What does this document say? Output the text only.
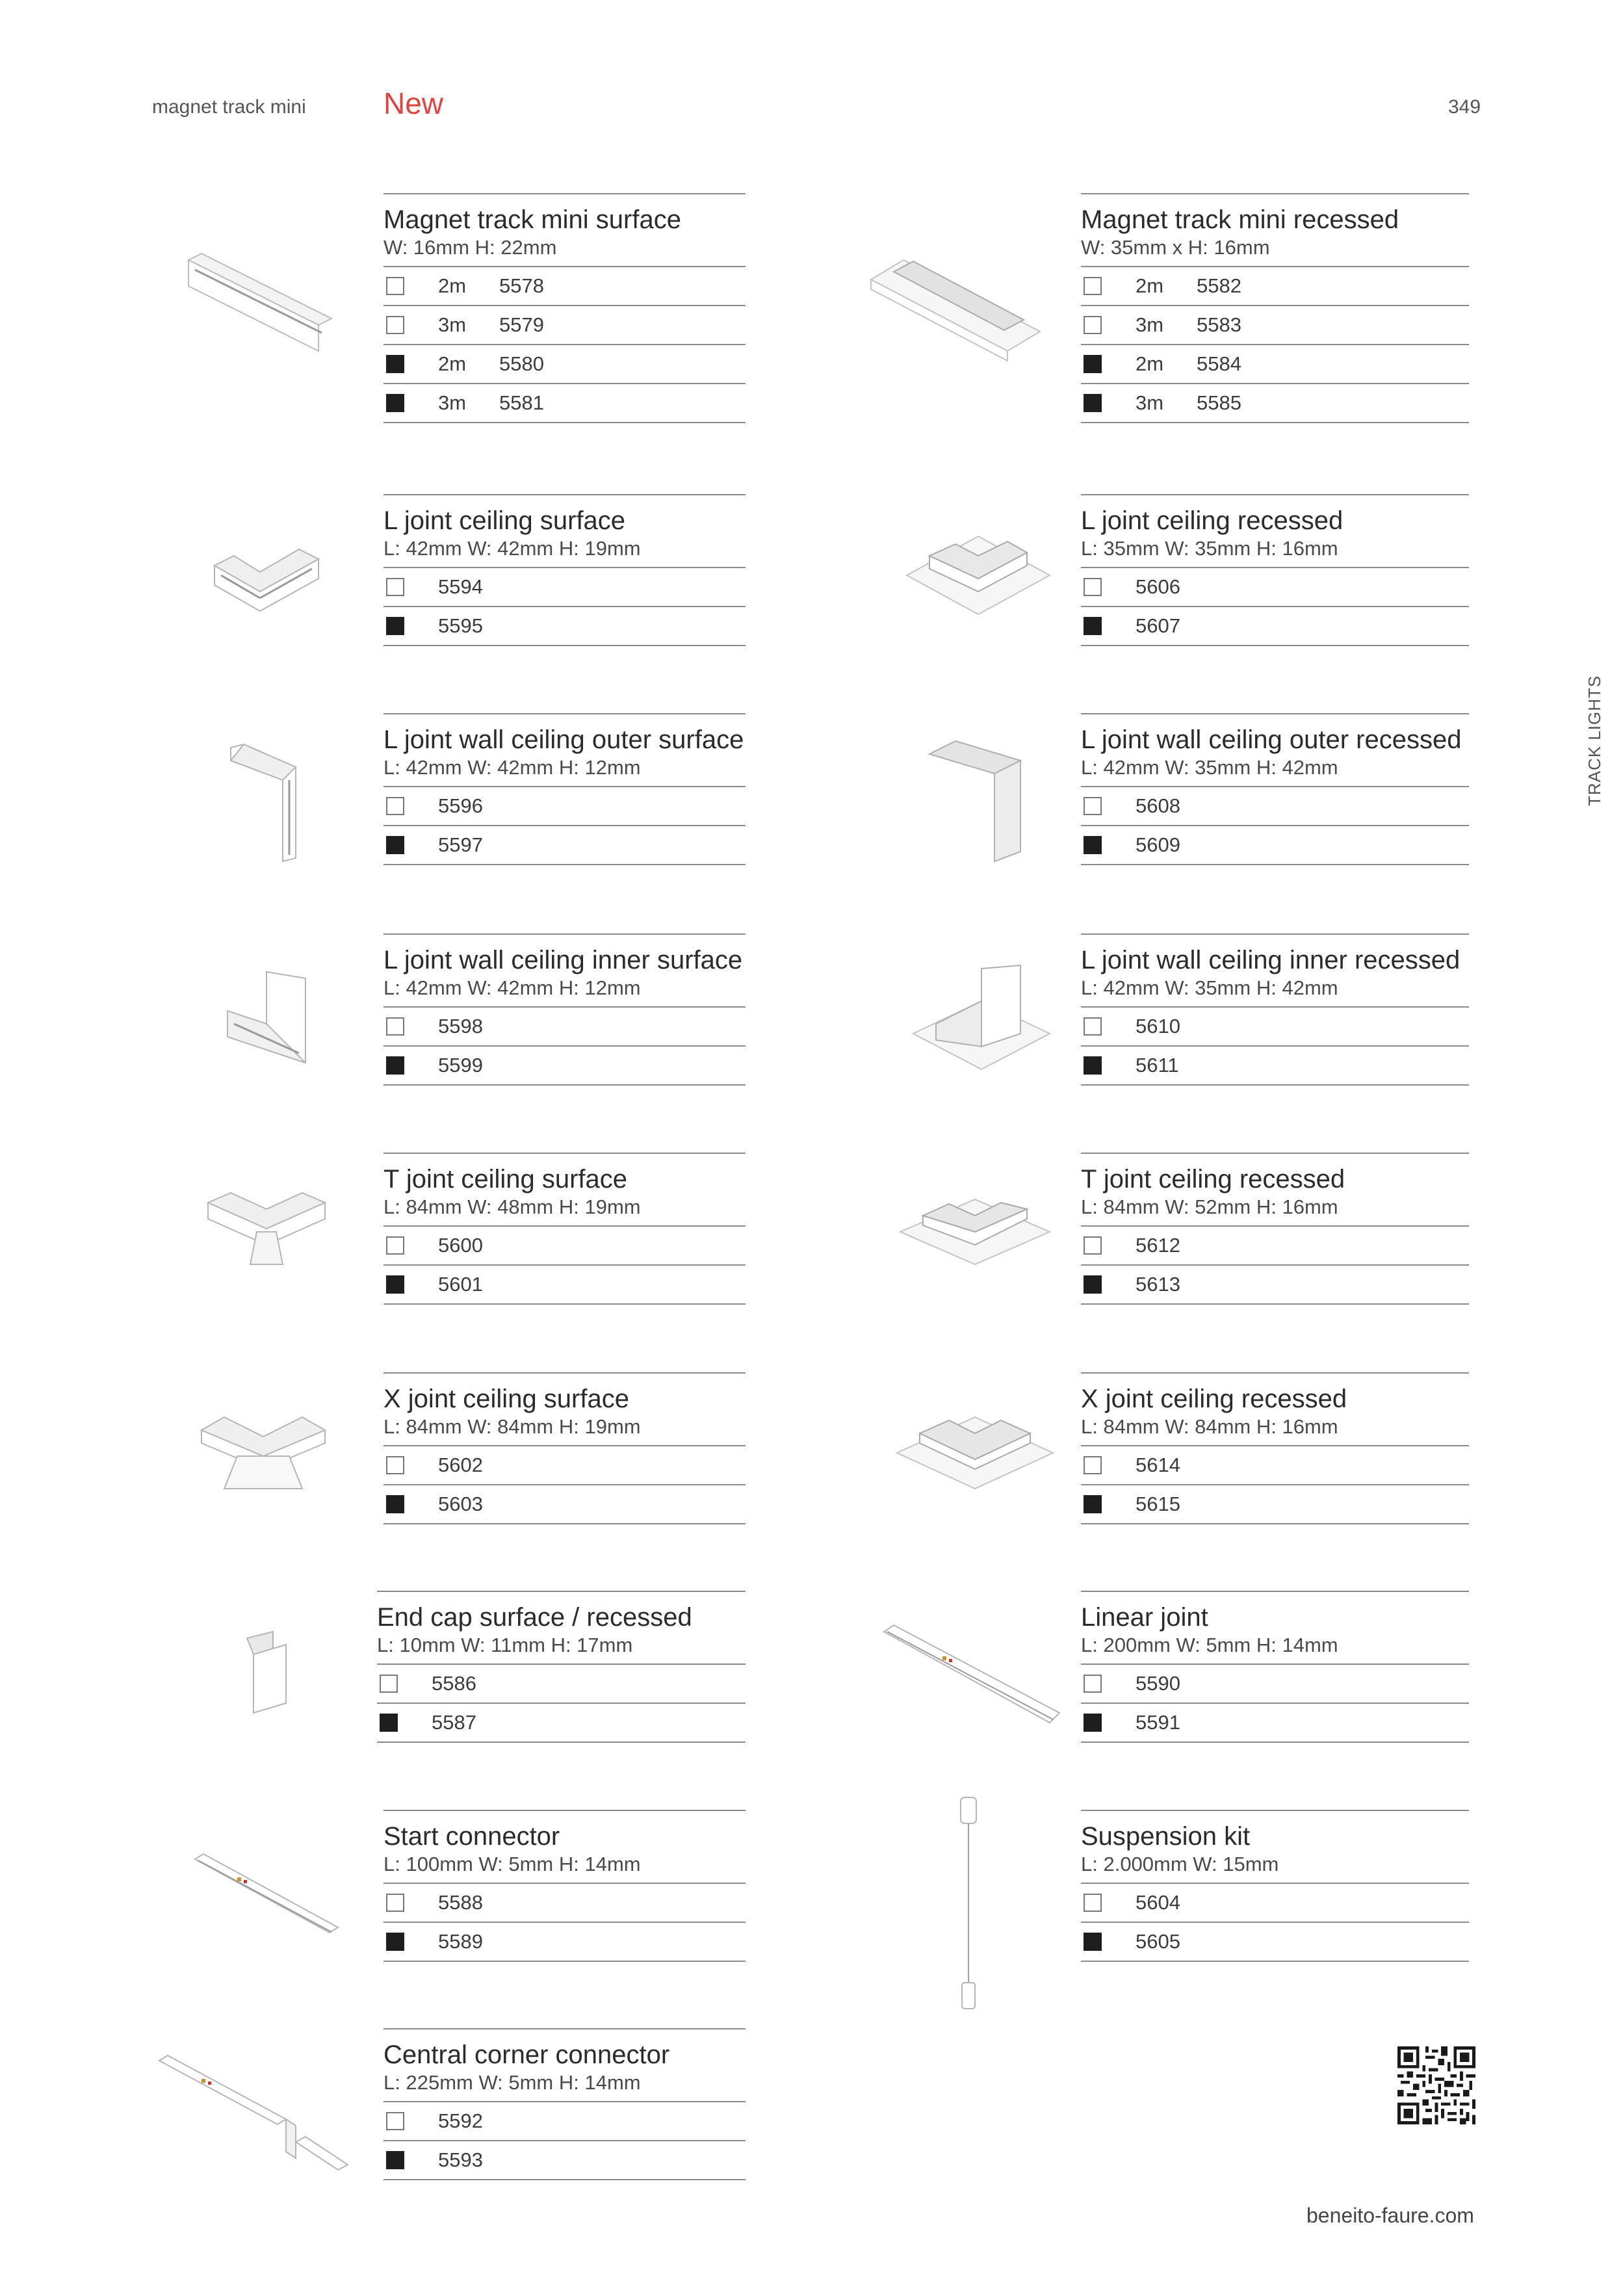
magnet track mini	New	349
TRACK LIGHTS
Magnet track mini surface
W: 16mm H: 22mm
2m	5578
3m	5579
2m	5580
3m	5581
L joint ceiling surface
L: 42mm W: 42mm H: 19mm
5594
5595
L joint wall ceiling outer surface
L: 42mm W: 42mm H: 12mm
5596
5597
L joint wall ceiling inner surface
L: 42mm W: 42mm H: 12mm
5598
5599
T joint ceiling surface
L: 84mm W: 48mm H: 19mm
5600
5601
X joint ceiling surface
L: 84mm W: 84mm H: 19mm
5602
5603
End cap surface / recessed
L: 10mm W: 11mm H: 17mm
5586
5587
Start connector
L: 100mm W: 5mm H: 14mm
5588
5589
Central corner connector
L: 225mm W: 5mm H: 14mm
5592
5593
Magnet track mini recessed
W: 35mm x H: 16mm
2m	5582
3m	5583
2m	5584
3m	5585
L joint ceiling recessed
L: 35mm W: 35mm H: 16mm
5606
5607
L joint wall ceiling outer recessed
L: 42mm W: 35mm H: 42mm
5608
5609
L joint wall ceiling inner recessed
L: 42mm W: 35mm H: 42mm
5610
5611
T joint ceiling recessed
L: 84mm W: 52mm H: 16mm
5612
5613
X joint ceiling recessed
L: 84mm W: 84mm H: 16mm
5614
5615
Linear joint
L: 200mm W: 5mm H: 14mm
5590
5591
Suspension kit
L: 2.000mm W: 15mm
5604
5605
beneito-faure.com
